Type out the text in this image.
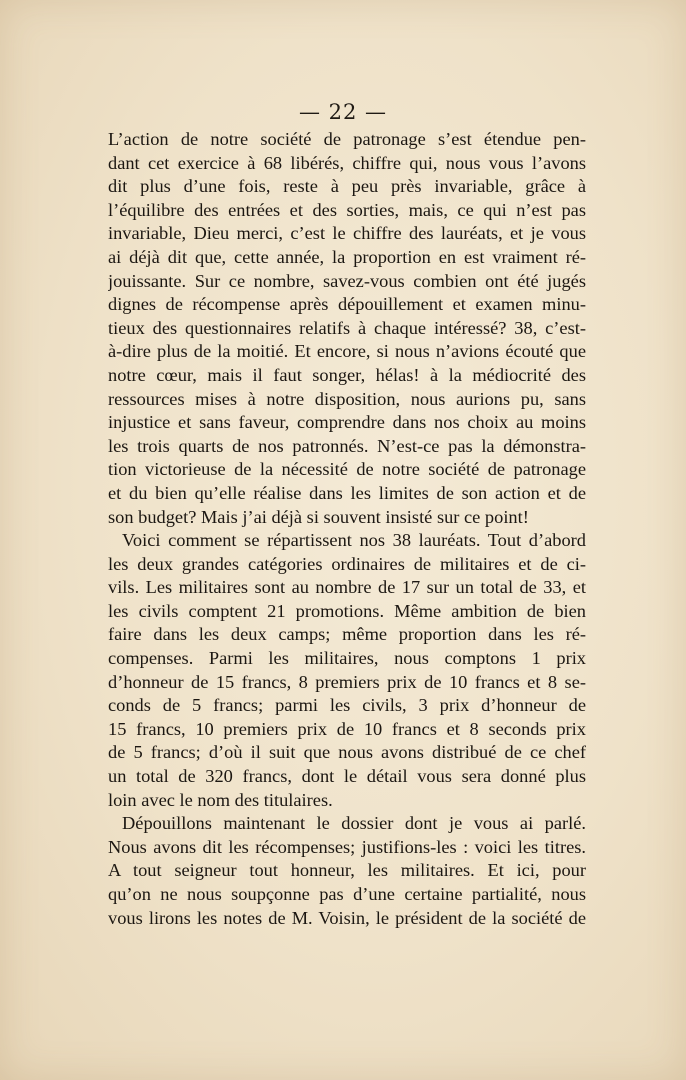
— 22 —
L’action de notre société de patronage s’est étendue pen-
dant cet exercice à 68 libérés, chiffre qui, nous vous l’avons
dit plus d’une fois, reste à peu près invariable, grâce à
l’équilibre des entrées et des sorties, mais, ce qui n’est pas
invariable, Dieu merci, c’est le chiffre des lauréats, et je vous
ai déjà dit que, cette année, la proportion en est vraiment ré-
jouissante. Sur ce nombre, savez-vous combien ont été jugés
dignes de récompense après dépouillement et examen minu-
tieux des questionnaires relatifs à chaque intéressé? 38, c’est-
à-dire plus de la moitié. Et encore, si nous n’avions écouté que
notre cœur, mais il faut songer, hélas! à la médiocrité des
ressources mises à notre disposition, nous aurions pu, sans
injustice et sans faveur, comprendre dans nos choix au moins
les trois quarts de nos patronnés. N’est-ce pas la démonstra-
tion victorieuse de la nécessité de notre société de patronage
et du bien qu’elle réalise dans les limites de son action et de
son budget? Mais j’ai déjà si souvent insisté sur ce point!
Voici comment se répartissent nos 38 lauréats. Tout d’abord
les deux grandes catégories ordinaires de militaires et de ci-
vils. Les militaires sont au nombre de 17 sur un total de 33, et
les civils comptent 21 promotions. Même ambition de bien
faire dans les deux camps; même proportion dans les ré-
compenses. Parmi les militaires, nous comptons 1 prix
d’honneur de 15 francs, 8 premiers prix de 10 francs et 8 se-
conds de 5 francs; parmi les civils, 3 prix d’honneur de
15 francs, 10 premiers prix de 10 francs et 8 seconds prix
de 5 francs; d’où il suit que nous avons distribué de ce chef
un total de 320 francs, dont le détail vous sera donné plus
loin avec le nom des titulaires.
Dépouillons maintenant le dossier dont je vous ai parlé.
Nous avons dit les récompenses; justifions-les : voici les titres.
A tout seigneur tout honneur, les militaires. Et ici, pour
qu’on ne nous soupçonne pas d’une certaine partialité, nous
vous lirons les notes de M. Voisin, le président de la société de
